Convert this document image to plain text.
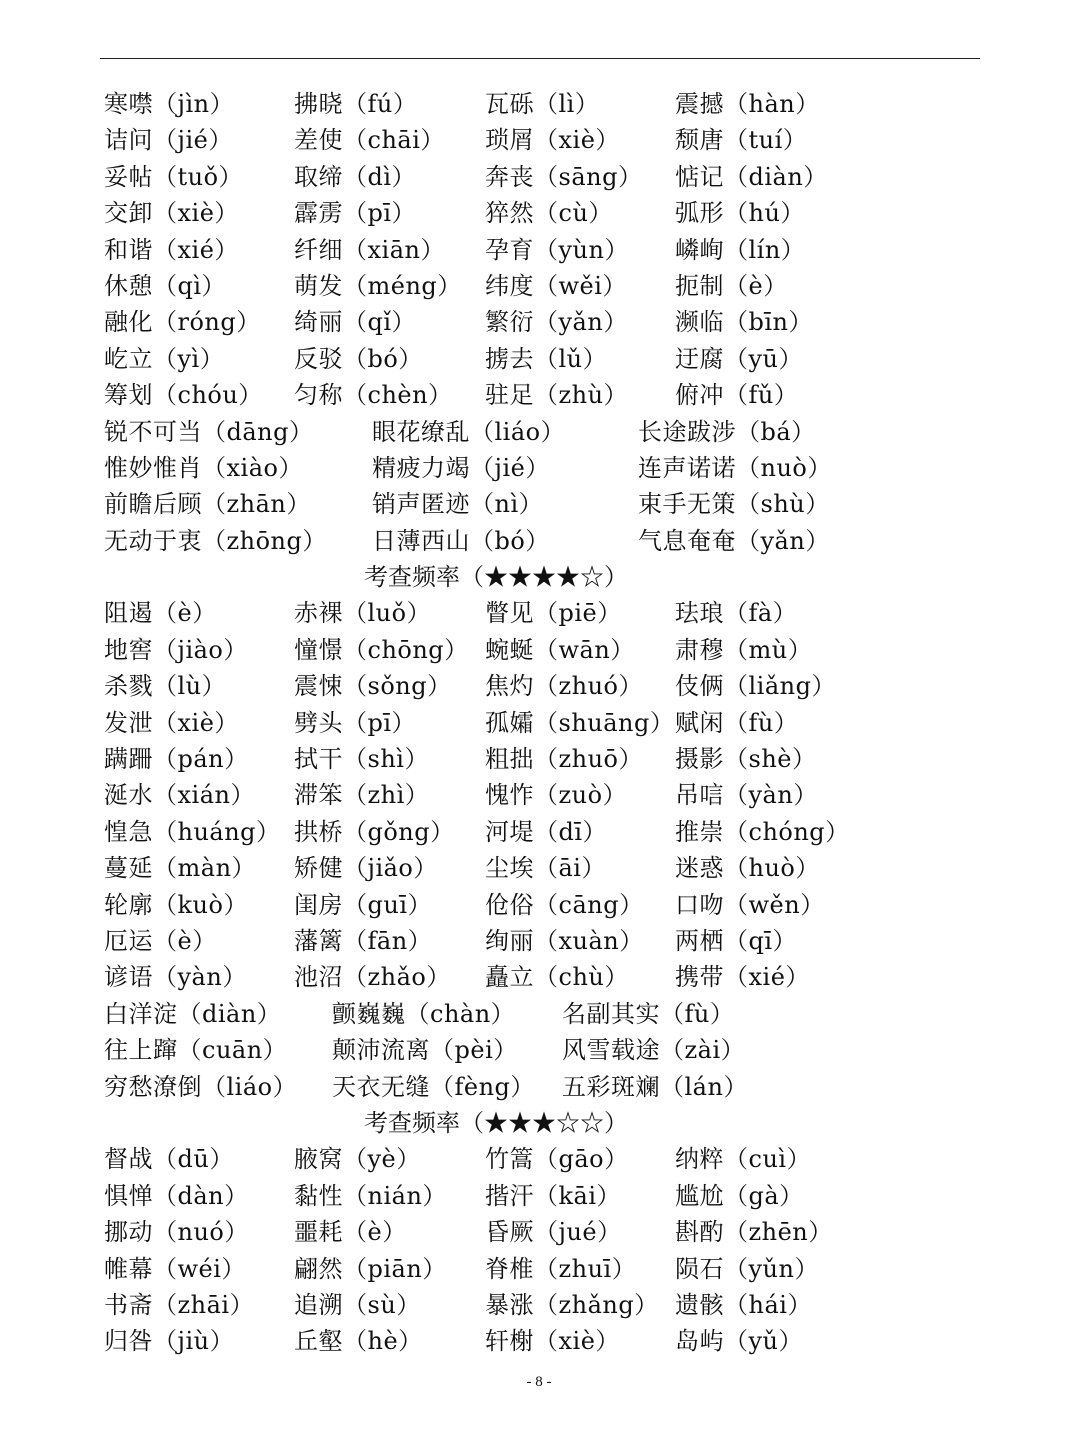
寒噤（jìn） 拂晓（fú）	瓦砾（lì）	震撼（hàn）
诘问（jié）	差使（chāi） 琐屑（xiè） 颓唐（tuí）
妥帖（tuǒ） 取缔（dì）	奔丧（sāng） 惦记（diàn）
交卸（xiè） 霹雳（pī）	猝然（cù）	弧形（hú）
和谐（xié） 纤细（xiān） 孕育（yùn） 嶙峋（lín）
休憩（qì）	萌发（méng） 纬度（wěi） 扼制（è）
融化（róng） 绮丽（qǐ）	繁衍（yǎn） 濒临（bīn）
屹立（yì）	反驳（bó）	掳去（lǔ）	迂腐（yū）
筹划（chóu） 匀称（chèn） 驻足（zhù） 俯冲（fǔ）
锐不可当（dāng） 眼花缭乱（liáo）	长途跋涉（bá）
惟妙惟肖（xiào）	精疲力竭（jié）	连声诺诺（nuò）
前瞻后顾（zhān）	销声匿迹（nì）	束手无策（shù）
无动于衷（zhōng） 日薄西山（bó）	气息奄奄（yǎn）
考查频率（★★★★☆）
阻遏（è）	赤裸（luǒ） 瞥见（piē） 珐琅（fà）
地窖（jiào） 憧憬（chōng） 蜿蜒（wān） 肃穆（mù）
杀戮（lù）	震悚（sǒng） 焦灼（zhuó） 伎俩（liǎng）
发泄（xiè） 劈头（pī）	孤孀（shuāng） 赋闲（fù）
蹒跚（pán） 拭干（shì） 粗拙（zhuō） 摄影（shè）
涎水（xián） 滞笨（zhì） 愧怍（zuò） 吊唁（yàn）
惶急（huáng） 拱桥（gǒng） 河堤（dī）	推崇（chóng）
蔓延（màn） 矫健（jiǎo） 尘埃（āi）	迷惑（huò）
轮廓（kuò） 闺房（guī） 伧俗（cāng） 口吻（wěn）
厄运（è）	藩篱（fān） 绚丽（xuàn） 两栖（qī）
谚语（yàn） 池沼（zhǎo） 矗立（chù） 携带（xié）
白洋淀（diàn） 颤巍巍（chàn） 名副其实（fù）
往上蹿（cuān） 颠沛流离（pèi） 风雪载途（zài）
穷愁潦倒（liáo） 天衣无缝（fèng） 五彩斑斓（lán）
考查频率（★★★☆☆）
督战（dū）	腋窝（yè）	竹篙（gāo） 纳粹（cuì）
惧惮（dàn） 黏性（nián） 揩汗（kāi） 尴尬（gà）
挪动（nuó） 噩耗（è）	昏厥（jué） 斟酌（zhēn）
帷幕（wéi） 翩然（piān） 脊椎（zhuī） 陨石（yǔn）
书斋（zhāi） 追溯（sù）	暴涨（zhǎng） 遗骸（hái）
归咎（jiù） 丘壑（hè）	轩榭（xiè） 岛屿（yǔ）
- 8 -
